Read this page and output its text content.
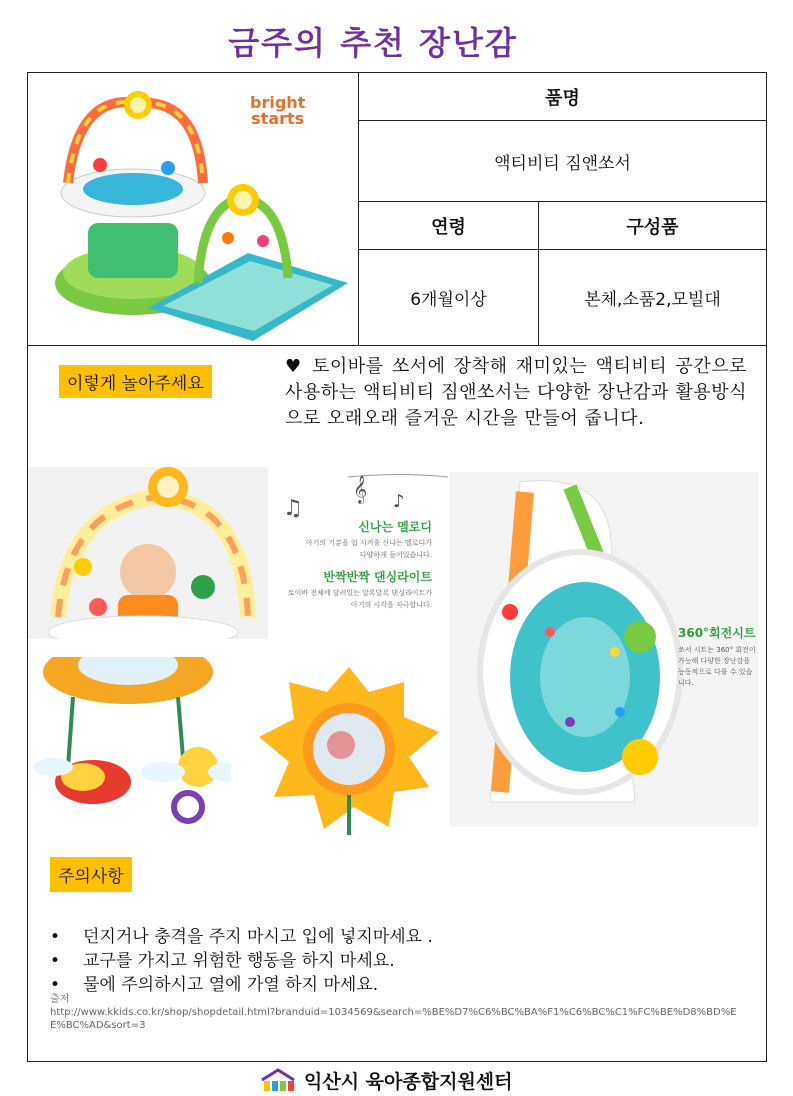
금주의 추천 장난감
bright
starts
품명
액티비티 짐앤쏘서
연령	구성품
6개월이상	본체,소품2,모빌대
이렇게 놀아주세요
♥ 토이바를 쏘서에 장착해 재미있는 액티비티 공간으로 사용하는 액티비티 짐앤쏘서는 다양한 장난감과 활용방식으로 오래오래 즐거운 시간을 만들어 줍니다.
♫
𝄞 ♪
신나는 멜로디
아기의 기분을 업 시켜줄 신나는 멜로디가
다양하게 들어있습니다.
반짝반짝 댄싱라이트
토이바 전체에 달려있는 알록달록 댄싱라이트가
아기의 시각을 자극합니다.
360°회전시트
쏘서 시트는 360° 회전이
가능해 다양한 장난감을
능동적으로 다룰 수 있습니다.
주의사항
•	던지거나 충격을 주지 마시고 입에 넣지마세요 .
•	교구를 가지고 위험한 행동을 하지 마세요.
•	물에 주의하시고 열에 가열 하지 마세요.
출저
http://www.kkids.co.kr/shop/shopdetail.html?branduid=1034569&search=%BE%D7%C6%BC%BA%F1%C6%BC%C1%FC%BE%D8%BD%EE%BC%AD&sort=3
익산시 육아종합지원센터
